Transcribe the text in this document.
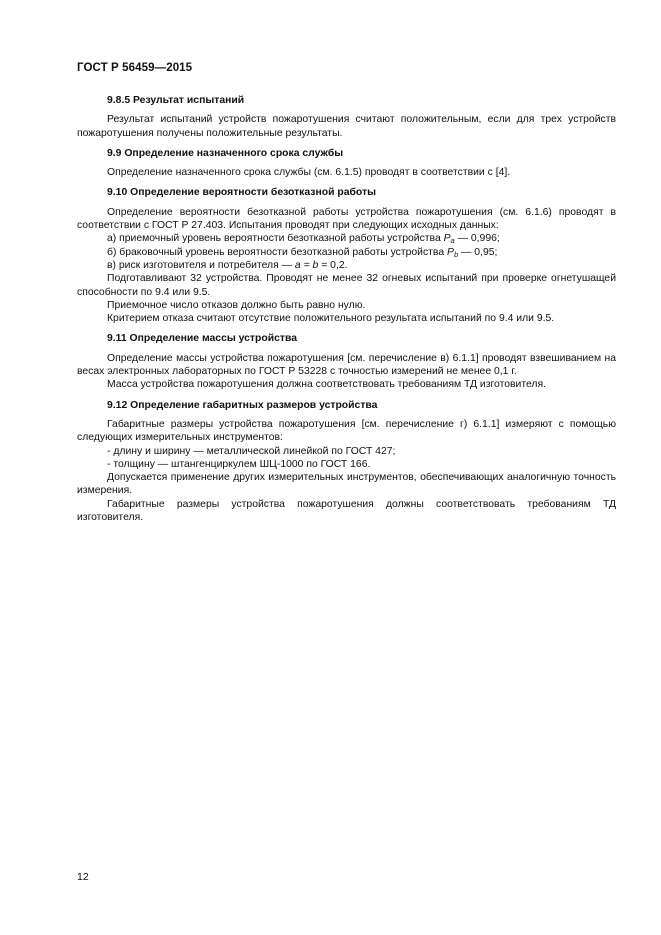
ГОСТ Р 56459—2015

9.8.5 Результат испытаний

Результат испытаний устройств пожаротушения считают положительным, если для трех устройств пожаротушения получены положительные результаты.

9.9 Определение назначенного срока службы

Определение назначенного срока службы (см. 6.1.5) проводят в соответствии с [4].

9.10 Определение вероятности безотказной работы

Определение вероятности безотказной работы устройства пожаротушения (см. 6.1.6) проводят в соответствии с ГОСТ Р 27.403. Испытания проводят при следующих исходных данных:

а) приемочный уровень вероятности безотказной работы устройства $P_a$ — 0,996;

б) браковочный уровень вероятности безотказной работы устройства $P_b$ — 0,95;

в) риск изготовителя и потребителя — a = b = 0,2.

Подготавливают 32 устройства. Проводят не менее 32 огневых испытаний при проверке огнетушащей способности по 9.4 или 9.5.

Приемочное число отказов должно быть равно нулю.

Критерием отказа считают отсутствие положительного результата испытаний по 9.4 или 9.5.

9.11 Определение массы устройства

Определение массы устройства пожаротушения [см. перечисление в) 6.1.1] проводят взвешиванием на весах электронных лабораторных по ГОСТ Р 53228 с точностью измерений не менее 0,1 г.

Масса устройства пожаротушения должна соответствовать требованиям ТД изготовителя.

9.12 Определение габаритных размеров устройства

Габаритные размеры устройства пожаротушения [см. перечисление г) 6.1.1] измеряют с помощью следующих измерительных инструментов:

- длину и ширину — металлической линейкой по ГОСТ 427;

- толщину — штангенциркулем ШЦ-1000 по ГОСТ 166.

Допускается применение других измерительных инструментов, обеспечивающих аналогичную точность измерения.

Габаритные размеры устройства пожаротушения должны соответствовать требованиям ТД изготовителя.

12
